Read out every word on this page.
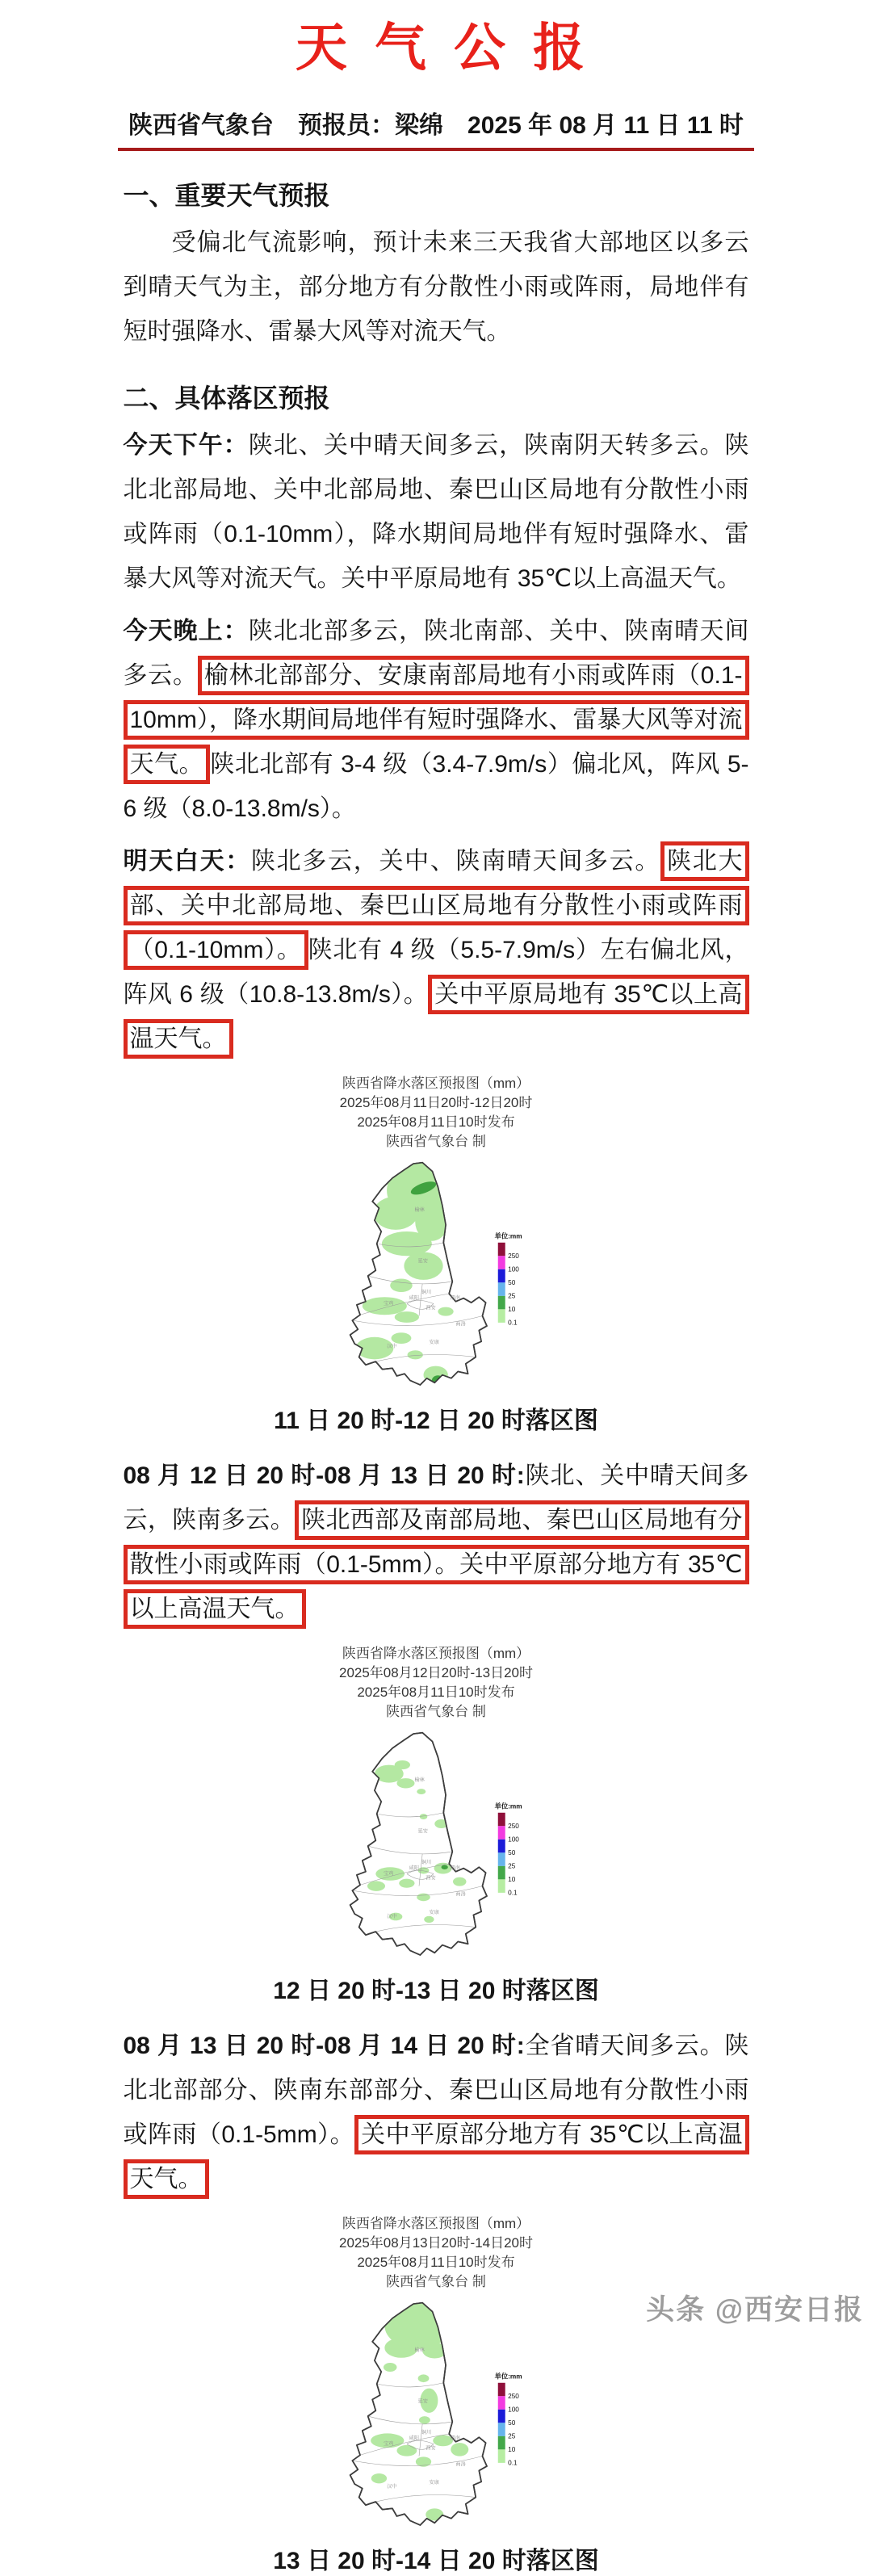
天气公报
陕西省气象台　预报员：梁绵　2025 年 08 月 11 日 11 时
一、重要天气预报

受偏北气流影响，预计未来三天我省大部地区以多云到晴天气为主，部分地方有分散性小雨或阵雨，局地伴有短时强降水、雷暴大风等对流天气。

二、具体落区预报

今天下午：陕北、关中晴天间多云，陕南阴天转多云。陕北北部局地、关中北部局地、秦巴山区局地有分散性小雨或阵雨（0.1-10mm），降水期间局地伴有短时强降水、雷暴大风等对流天气。关中平原局地有 35℃以上高温天气。

今天晚上：陕北北部多云，陕北南部、关中、陕南晴天间多云。 榆林北部部分、安康南部局地有小雨或阵雨（0.1-10mm），降水期间局地伴有短时强降水、雷暴大风等对流天气。 陕北北部有 3-4 级（3.4-7.9m/s）偏北风，阵风 5-6 级（8.0-13.8m/s）。

明天白天：陕北多云，关中、陕南晴天间多云。 陕北大部、关中北部局地、秦巴山区局地有分散性小雨或阵雨（0.1-10mm）。 陕北有 4 级（5.5-7.9m/s）左右偏北风，阵风 6 级（10.8-13.8m/s）。 关中平原局地有 35℃以上高温天气。

陕西省降水落区预报图（mm）
2025年08月11日20时-12日20时
2025年08月11日10时发布
陕西省气象台 制
榆林
延安
铜川
渭南
咸阳
宝鸡
西安
商洛
安康
汉中
单位:mm
250
100
50
25
10
0.1
11 日 20 时-12 日 20 时落区图

08 月 12 日 20 时-08 月 13 日 20 时:陕北、关中晴天间多云，陕南多云。 陕北西部及南部局地、秦巴山区局地有分散性小雨或阵雨（0.1-5mm）。关中平原部分地方有 35℃以上高温天气。

陕西省降水落区预报图（mm）
2025年08月12日20时-13日20时
2025年08月11日10时发布
陕西省气象台 制
榆林
延安
铜川
渭南
咸阳
宝鸡
西安
商洛
安康
汉中
单位:mm
250
100
50
25
10
0.1
12 日 20 时-13 日 20 时落区图

08 月 13 日 20 时-08 月 14 日 20 时:全省晴天间多云。陕北北部部分、陕南东部部分、秦巴山区局地有分散性小雨或阵雨（0.1-5mm）。 关中平原部分地方有 35℃以上高温天气。

陕西省降水落区预报图（mm）
2025年08月13日20时-14日20时
2025年08月11日10时发布
陕西省气象台 制
榆林
延安
铜川
渭南
咸阳
宝鸡
西安
商洛
安康
汉中
单位:mm
250
100
50
25
10
0.1
13 日 20 时-14 日 20 时落区图
头条 @西安日报
